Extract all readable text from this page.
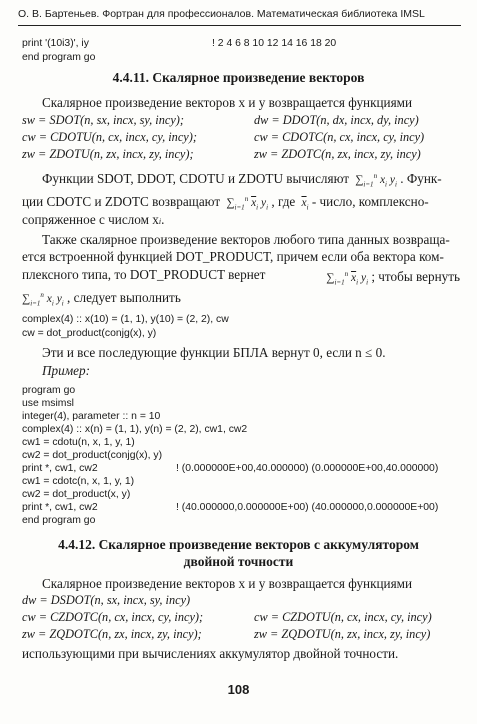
О. В. Бартеньев. Фортран для профессионалов. Математическая библиотека IMSL
print '(10i3)', iy	! 2 4 6 8 10 12 14 16 18 20
end program go
4.4.11. Скалярное произведение векторов
Скалярное произведение векторов x и y возвращается функциями
sw = SDOT(n, sx, incx, sy, incy);	dw = DDOT(n, dx, incx, dy, incy)
cw = CDOTU(n, cx, incx, cy, incy);	cw = CDOTC(n, cx, incx, cy, incy)
zw = ZDOTU(n, zx, incx, zy, incy);	zw = ZDOTC(n, zx, incx, zy, incy)
Функции SDOT, DDOT, CDOTU и ZDOTU вычисляют  $\sum_{i=1}^n$ $x_i$ $y_i$ . Функ-
ции CDOTC и ZDOTC возвращают  $\sum_{i=1}^n$ $\overline{x}_i$ $y_i$ , где $\overline{x}_i$ - число, комплексно-
сопряженное с числом xi.
Также скалярное произведение векторов любого типа данных возвраща-
ется встроенной функцией DOT_PRODUCT, причем если оба вектора ком-
плексного типа, то DOT_PRODUCT вернет	$\sum_{i=1}^n$ $\overline{x}_i$ $y_i$ ; чтобы вернуть
$\sum_{i=1}^n$ $x_i$ $y_i$ , следует выполнить
complex(4) :: x(10) = (1, 1), y(10) = (2, 2), cw
cw = dot_product(conjg(x), y)
Эти и все последующие функции БПЛА вернут 0, если n ≤ 0.
Пример:
program go
use msimsl
integer(4), parameter :: n = 10
complex(4) :: x(n) = (1, 1), y(n) = (2, 2), cw1, cw2
cw1 = cdotu(n, x, 1, y, 1)
cw2 = dot_product(conjg(x), y)
print *, cw1, cw2	! (0.000000E+00,40.000000) (0.000000E+00,40.000000)
cw1 = cdotc(n, x, 1, y, 1)
cw2 = dot_product(x, y)
print *, cw1, cw2	! (40.000000,0.000000E+00) (40.000000,0.000000E+00)
end program go
4.4.12. Скалярное произведение векторов с аккумулятором
двойной точности
Скалярное произведение векторов x и y возвращается функциями
dw = DSDOT(n, sx, incx, sy, incy)
cw = CZDOTC(n, cx, incx, cy, incy);	cw = CZDOTU(n, cx, incx, cy, incy)
zw = ZQDOTC(n, zx, incx, zy, incy);	zw = ZQDOTU(n, zx, incx, zy, incy)
использующими при вычислениях аккумулятор двойной точности.
108
